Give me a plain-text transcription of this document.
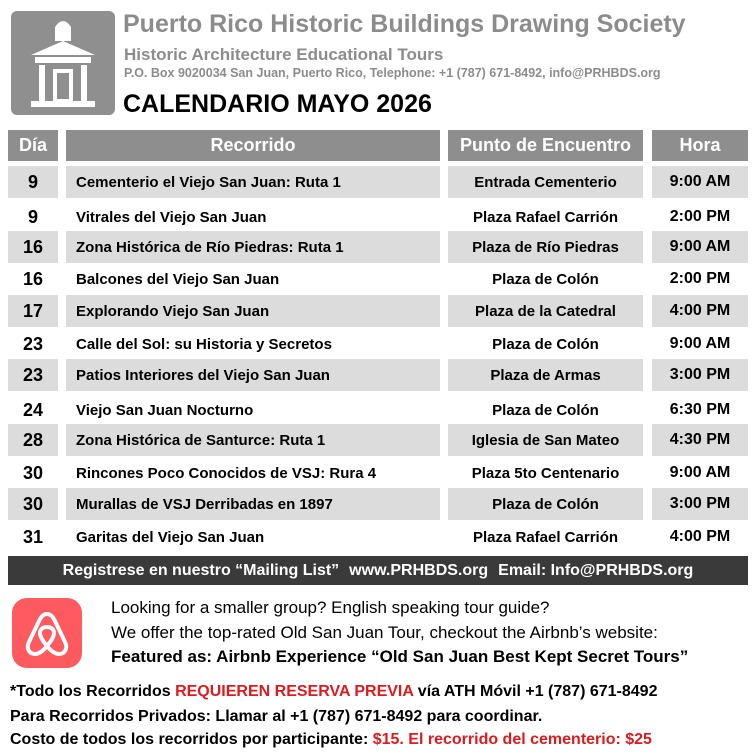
Puerto Rico Historic Buildings Drawing Society
Historic Architecture Educational Tours
P.O. Box 9020034 San Juan, Puerto Rico, Telephone: +1 (787) 671-8492, info@PRHBDS.org
CALENDARIO MAYO 2026
Día	Recorrido	Punto de Encuentro	Hora
9	Cementerio el Viejo San Juan: Ruta 1	Entrada Cementerio	9:00 AM
9	Vitrales del Viejo San Juan	Plaza Rafael Carrión	2:00 PM
16	Zona Histórica de Río Piedras: Ruta 1	Plaza de Río Piedras	9:00 AM
16	Balcones del Viejo San Juan	Plaza de Colón	2:00 PM
17	Explorando Viejo San Juan	Plaza de la Catedral	4:00 PM
23	Calle del Sol: su Historia y Secretos	Plaza de Colón	9:00 AM
23	Patios Interiores del Viejo San Juan	Plaza de Armas	3:00 PM
24	Viejo San Juan Nocturno	Plaza de Colón	6:30 PM
28	Zona Histórica de Santurce: Ruta 1	Iglesia de San Mateo	4:30 PM
30	Rincones Poco Conocidos de VSJ: Rura 4	Plaza 5to Centenario	9:00 AM
30	Murallas de VSJ Derribadas en 1897	Plaza de Colón	3:00 PM
31	Garitas del Viejo San Juan	Plaza Rafael Carrión	4:00 PM
Registrese en nuestro “Mailing List” www.PRHBDS.org Email: Info@PRHBDS.org
Looking for a smaller group? English speaking tour guide?
We offer the top-rated Old San Juan Tour, checkout the Airbnb’s website:
Featured as: Airbnb Experience “Old San Juan Best Kept Secret Tours”
*Todo los Recorridos REQUIEREN RESERVA PREVIA vía ATH Móvil +1 (787) 671-8492
Para Recorridos Privados: Llamar al +1 (787) 671-8492 para coordinar.
Costo de todos los recorridos por participante: $15. El recorrido del cementerio: $25
